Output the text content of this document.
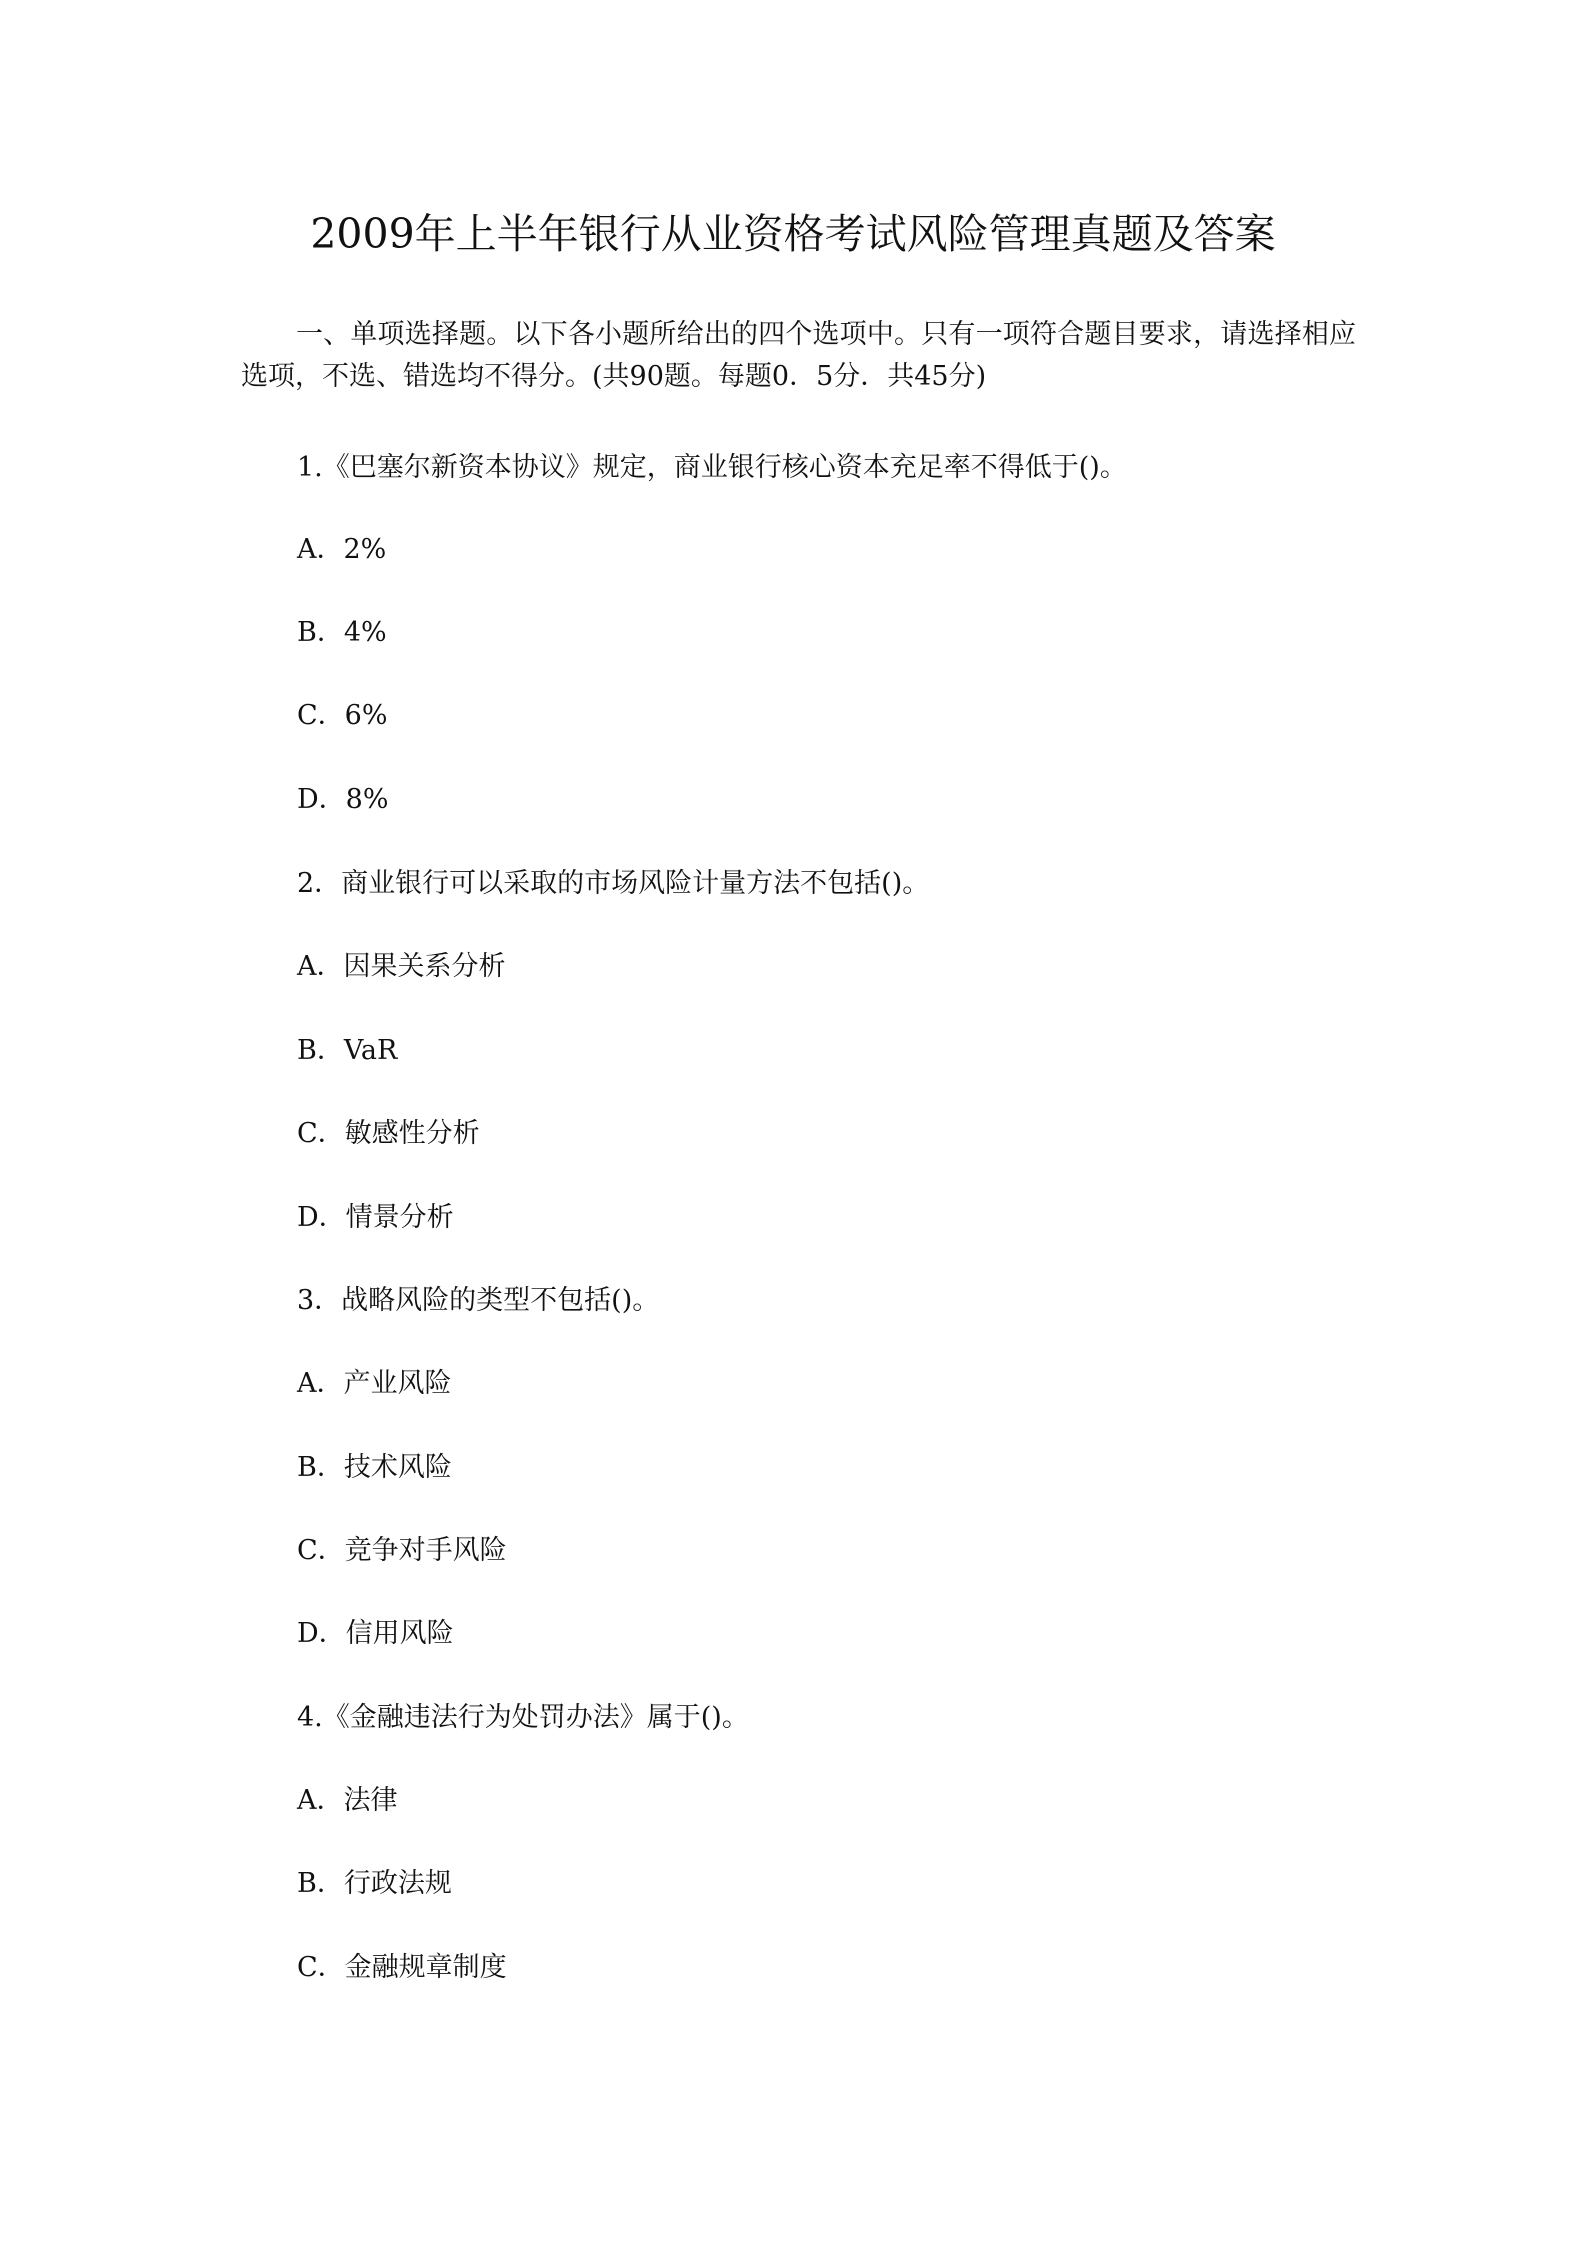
2009年上半年银行从业资格考试风险管理真题及答案
一、单项选择题。以下各小题所给出的四个选项中。只有一项符合题目要求，请选择相应选项，不选、错选均不得分。(共90题。每题0．5分．共45分)
1.《巴塞尔新资本协议》规定，商业银行核心资本充足率不得低于()。
A．2%
B．4%
C．6%
D．8%
2．商业银行可以采取的市场风险计量方法不包括()。
A．因果关系分析
B．VaR
C．敏感性分析
D．情景分析
3．战略风险的类型不包括()。
A．产业风险
B．技术风险
C．竞争对手风险
D．信用风险
4.《金融违法行为处罚办法》属于()。
A．法律
B．行政法规
C．金融规章制度
